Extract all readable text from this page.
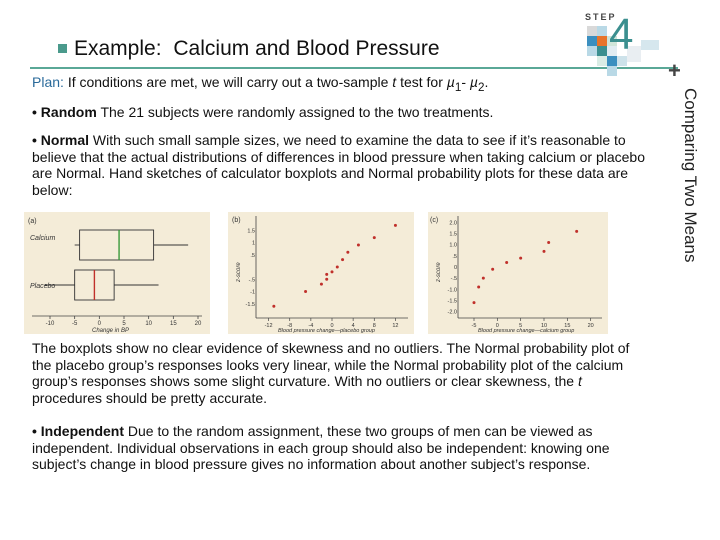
Example: Calcium and Blood Pressure
STEP
4
+
Comparing Two Means
Plan: If conditions are met, we will carry out a two-sample t test for µ$_1$- µ$_2$.
• Random The 21 subjects were randomly assigned to the two treatments.
• Normal With such small sample sizes, we need to examine the data to see if it’s reasonable to believe that the actual distributions of differences in blood pressure when taking calcium or placebo are Normal. Hand sketches of calculator boxplots and Normal probability plots for these data are below:
(a)
Calcium
Placebo
-10	-5	0	5	10	15	20
Change in BP
(b)
z-score
1.5
1
.5
-.5
-1
-1.5
-12	-8	-4	0	4	8	12
Blood pressure change—placebo group
(c)
z-score
2.0
1.5
1.0
.5
0
-.5
-1.0
-1.5
-2.0
-5	0	5	10	15	20
Blood pressure change—calcium group
The boxplots show no clear evidence of skewness and no outliers. The Normal probability plot of the placebo group’s responses looks very linear, while the Normal probability plot of the calcium group’s responses shows some slight curvature. With no outliers or clear skewness, the t procedures should be pretty accurate.
• Independent Due to the random assignment, these two groups of men can be viewed as independent. Individual observations in each group should also be independent: knowing one subject’s change in blood pressure gives no information about another subject’s response.
